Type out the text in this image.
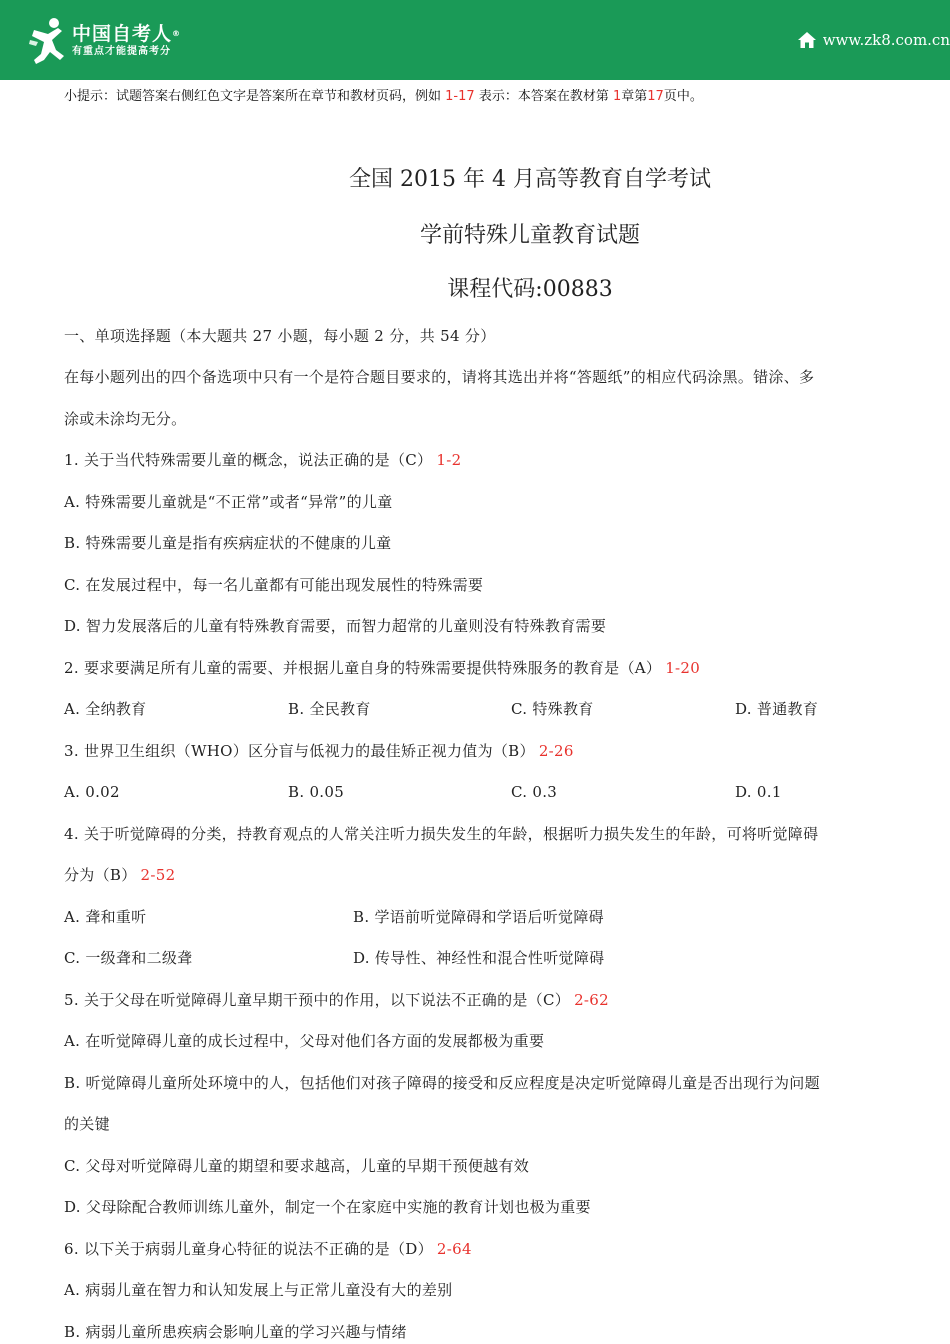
中国自考人®
有重点才能提高考分
www.zk8.com.cn
小提示：试题答案右侧红色文字是答案所在章节和教材页码，例如 1-17 表示：本答案在教材第 1章第17页中。
全国 2015 年 4 月高等教育自学考试
学前特殊儿童教育试题
课程代码:00883
一、单项选择题（本大题共 27 小题，每小题 2 分，共 54 分）
在每小题列出的四个备选项中只有一个是符合题目要求的，请将其选出并将“答题纸”的相应代码涂黑。错涂、多
涂或未涂均无分。
1. 关于当代特殊需要儿童的概念，说法正确的是（C） 1-2
A. 特殊需要儿童就是“不正常”或者“异常”的儿童
B. 特殊需要儿童是指有疾病症状的不健康的儿童
C. 在发展过程中，每一名儿童都有可能出现发展性的特殊需要
D. 智力发展落后的儿童有特殊教育需要，而智力超常的儿童则没有特殊教育需要
2. 要求要满足所有儿童的需要、并根据儿童自身的特殊需要提供特殊服务的教育是（A） 1-20
A. 全纳教育	B. 全民教育	C. 特殊教育	D. 普通教育
3. 世界卫生组织（WHO）区分盲与低视力的最佳矫正视力值为（B） 2-26
A. 0.02	B. 0.05	C. 0.3	D. 0.1
4. 关于听觉障碍的分类，持教育观点的人常关注听力损失发生的年龄，根据听力损失发生的年龄，可将听觉障碍
分为（B） 2-52
A. 聋和重听	B. 学语前听觉障碍和学语后听觉障碍
C. 一级聋和二级聋	D. 传导性、神经性和混合性听觉障碍
5. 关于父母在听觉障碍儿童早期干预中的作用，以下说法不正确的是（C） 2-62
A. 在听觉障碍儿童的成长过程中，父母对他们各方面的发展都极为重要
B. 听觉障碍儿童所处环境中的人，包括他们对孩子障碍的接受和反应程度是决定听觉障碍儿童是否出现行为问题
的关键
C. 父母对听觉障碍儿童的期望和要求越高，儿童的早期干预便越有效
D. 父母除配合教师训练儿童外，制定一个在家庭中实施的教育计划也极为重要
6. 以下关于病弱儿童身心特征的说法不正确的是（D） 2-64
A. 病弱儿童在智力和认知发展上与正常儿童没有大的差别
B. 病弱儿童所患疾病会影响儿童的学习兴趣与情绪
